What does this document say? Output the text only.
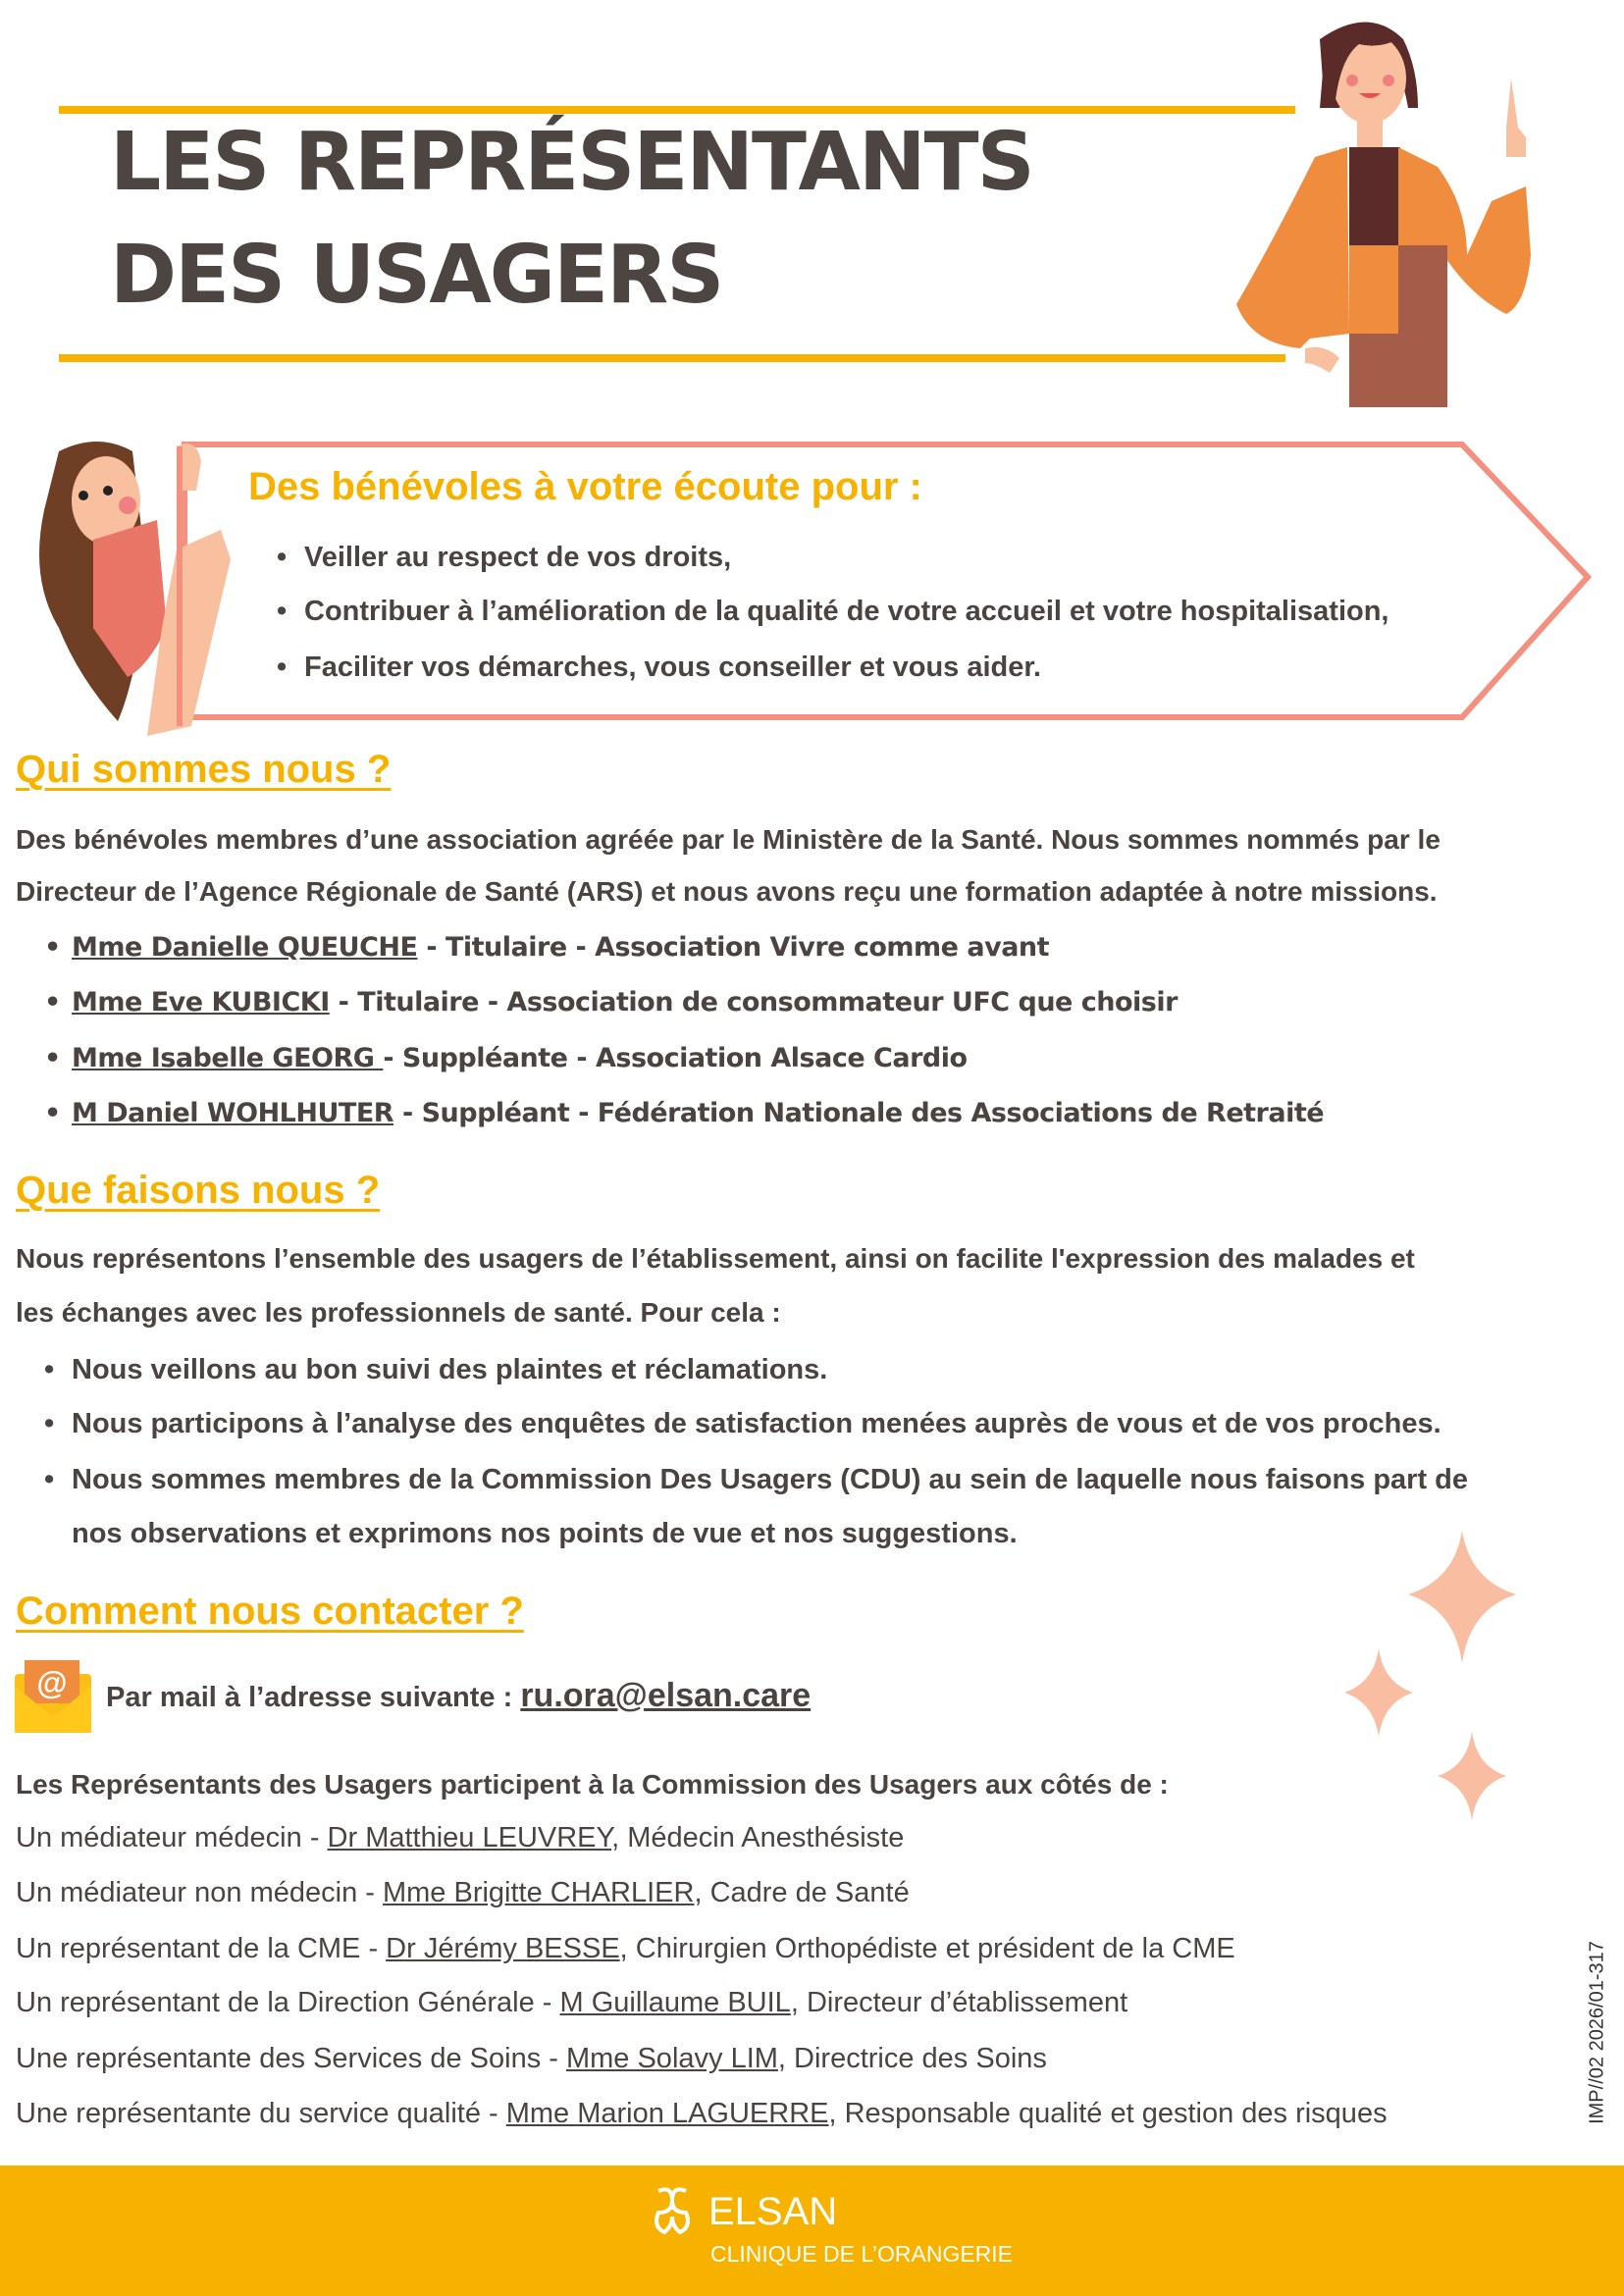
LES REPRÉSENTANTS
DES USAGERS
Des bénévoles à votre écoute pour :
• Veiller au respect de vos droits,
• Contribuer à l’amélioration de la qualité de votre accueil et votre hospitalisation,
• Faciliter vos démarches, vous conseiller et vous aider.
Qui sommes nous ?
Des bénévoles membres d’une association agréée par le Ministère de la Santé. Nous sommes nommés par le
Directeur de l’Agence Régionale de Santé (ARS) et nous avons reçu une formation adaptée à notre missions.
• Mme Danielle QUEUCHE - Titulaire - Association Vivre comme avant
• Mme Eve KUBICKI - Titulaire - Association de consommateur UFC que choisir
• Mme Isabelle GEORG - Suppléante - Association Alsace Cardio
• M Daniel WOHLHUTER - Suppléant - Fédération Nationale des Associations de Retraité
Que faisons nous ?
Nous représentons l’ensemble des usagers de l’établissement, ainsi on facilite l'expression des malades et
les échanges avec les professionnels de santé. Pour cela :
• Nous veillons au bon suivi des plaintes et réclamations.
• Nous participons à l’analyse des enquêtes de satisfaction menées auprès de vous et de vos proches.
• Nous sommes membres de la Commission Des Usagers (CDU) au sein de laquelle nous faisons part de
nos observations et exprimons nos points de vue et nos suggestions.
Comment nous contacter ?
@ Par mail à l’adresse suivante : ru.ora@elsan.care
Les Représentants des Usagers participent à la Commission des Usagers aux côtés de :
Un médiateur médecin - Dr Matthieu LEUVREY, Médecin Anesthésiste
Un médiateur non médecin - Mme Brigitte CHARLIER, Cadre de Santé
Un représentant de la CME - Dr Jérémy BESSE, Chirurgien Orthopédiste et président de la CME
Un représentant de la Direction Générale - M Guillaume BUIL, Directeur d’établissement
Une représentante des Services de Soins - Mme Solavy LIM, Directrice des Soins
Une représentante du service qualité - Mme Marion LAGUERRE, Responsable qualité et gestion des risques	IMP//02 2026/01-317
ELSAN
CLINIQUE DE L’ORANGERIE
